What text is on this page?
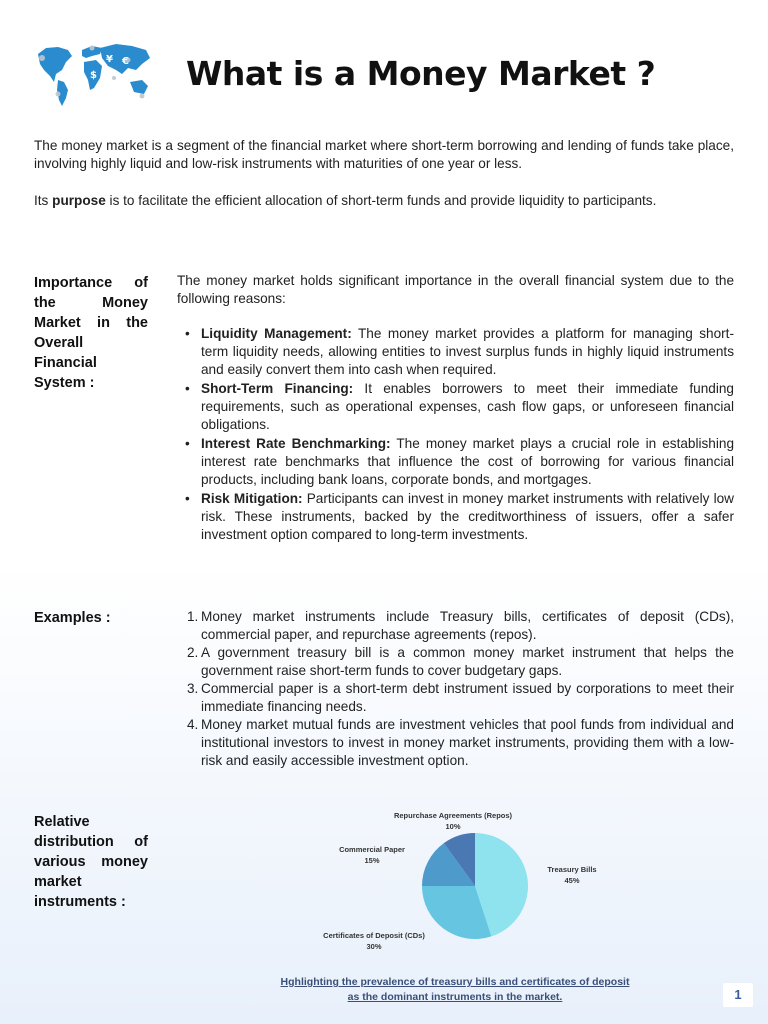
$
¥ € What is a Money Market ?

The money market is a segment of the financial market where short-term borrowing and lending of funds take place, involving highly liquid and low-risk instruments with maturities of one year or less.

Its purpose is to facilitate the efficient allocation of short-term funds and provide liquidity to participants.

Importance of the Money Market in the Overall Financial System :

The money market holds significant importance in the overall financial system due to the following reasons:

• Liquidity Management: The money market provides a platform for managing short-term liquidity needs, allowing entities to invest surplus funds in highly liquid instruments and easily convert them into cash when required.
• Short-Term Financing: It enables borrowers to meet their immediate funding requirements, such as operational expenses, cash flow gaps, or unforeseen financial obligations.
• Interest Rate Benchmarking: The money market plays a crucial role in establishing interest rate benchmarks that influence the cost of borrowing for various financial products, including bank loans, corporate bonds, and mortgages.
• Risk Mitigation: Participants can invest in money market instruments with relatively low risk. These instruments, backed by the creditworthiness of issuers, offer a safer investment option compared to long-term investments.
Examples :	1. Money market instruments include Treasury bills, certificates of deposit (CDs), commercial paper, and repurchase agreements (repos).
2. A government treasury bill is a common money market instrument that helps the government raise short-term funds to cover budgetary gaps.
3. Commercial paper is a short-term debt instrument issued by corporations to meet their immediate financing needs.
4. Money market mutual funds are investment vehicles that pool funds from individual and institutional investors to invest in money market instruments, providing them with a low-risk and easily accessible investment option.
Relative distribution of various money market instruments :
Treasury Bills
45%
Certificates of Deposit (CDs)
30%
Commercial Paper
15%
Repurchase Agreements (Repos)
10%
Hghlighting the prevalence of treasury bills and certificates of deposit
as the dominant instruments in the market.	1
